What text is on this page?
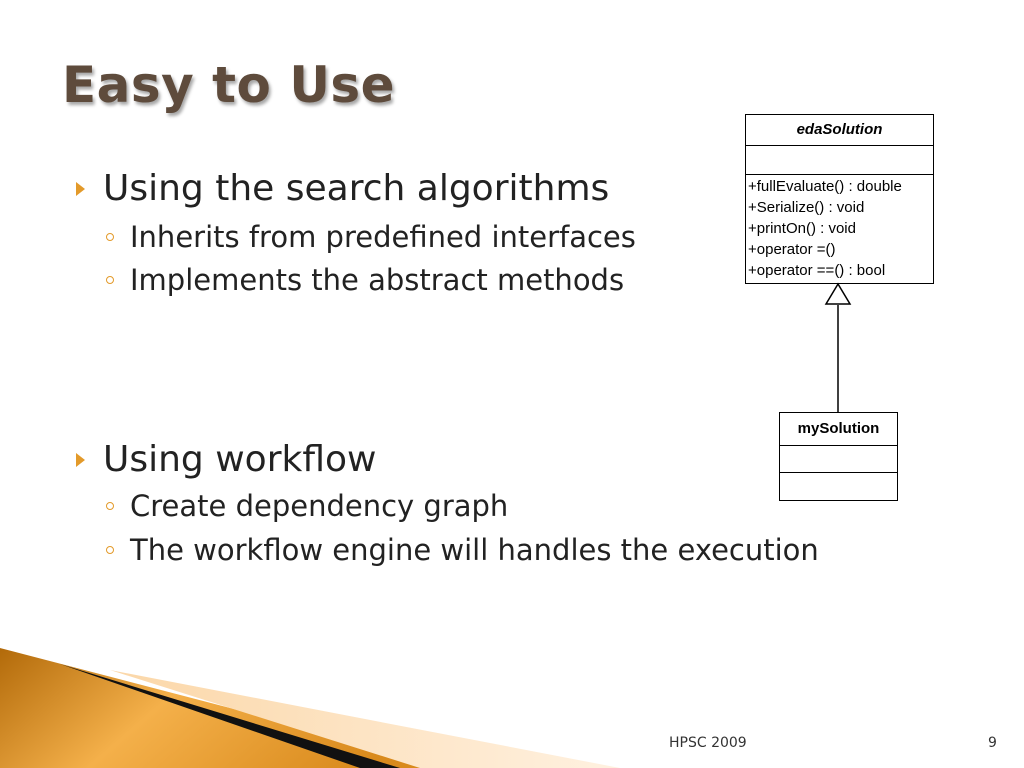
Easy to Use
Using the search algorithms
Inherits from predefined interfaces
Implements the abstract methods
Using workflow
Create dependency graph
The workflow engine will handles the execution
edaSolution
+fullEvaluate() : double
+Serialize() : void
+printOn() : void
+operator =()
+operator ==() : bool
mySolution
HPSC 2009	9
